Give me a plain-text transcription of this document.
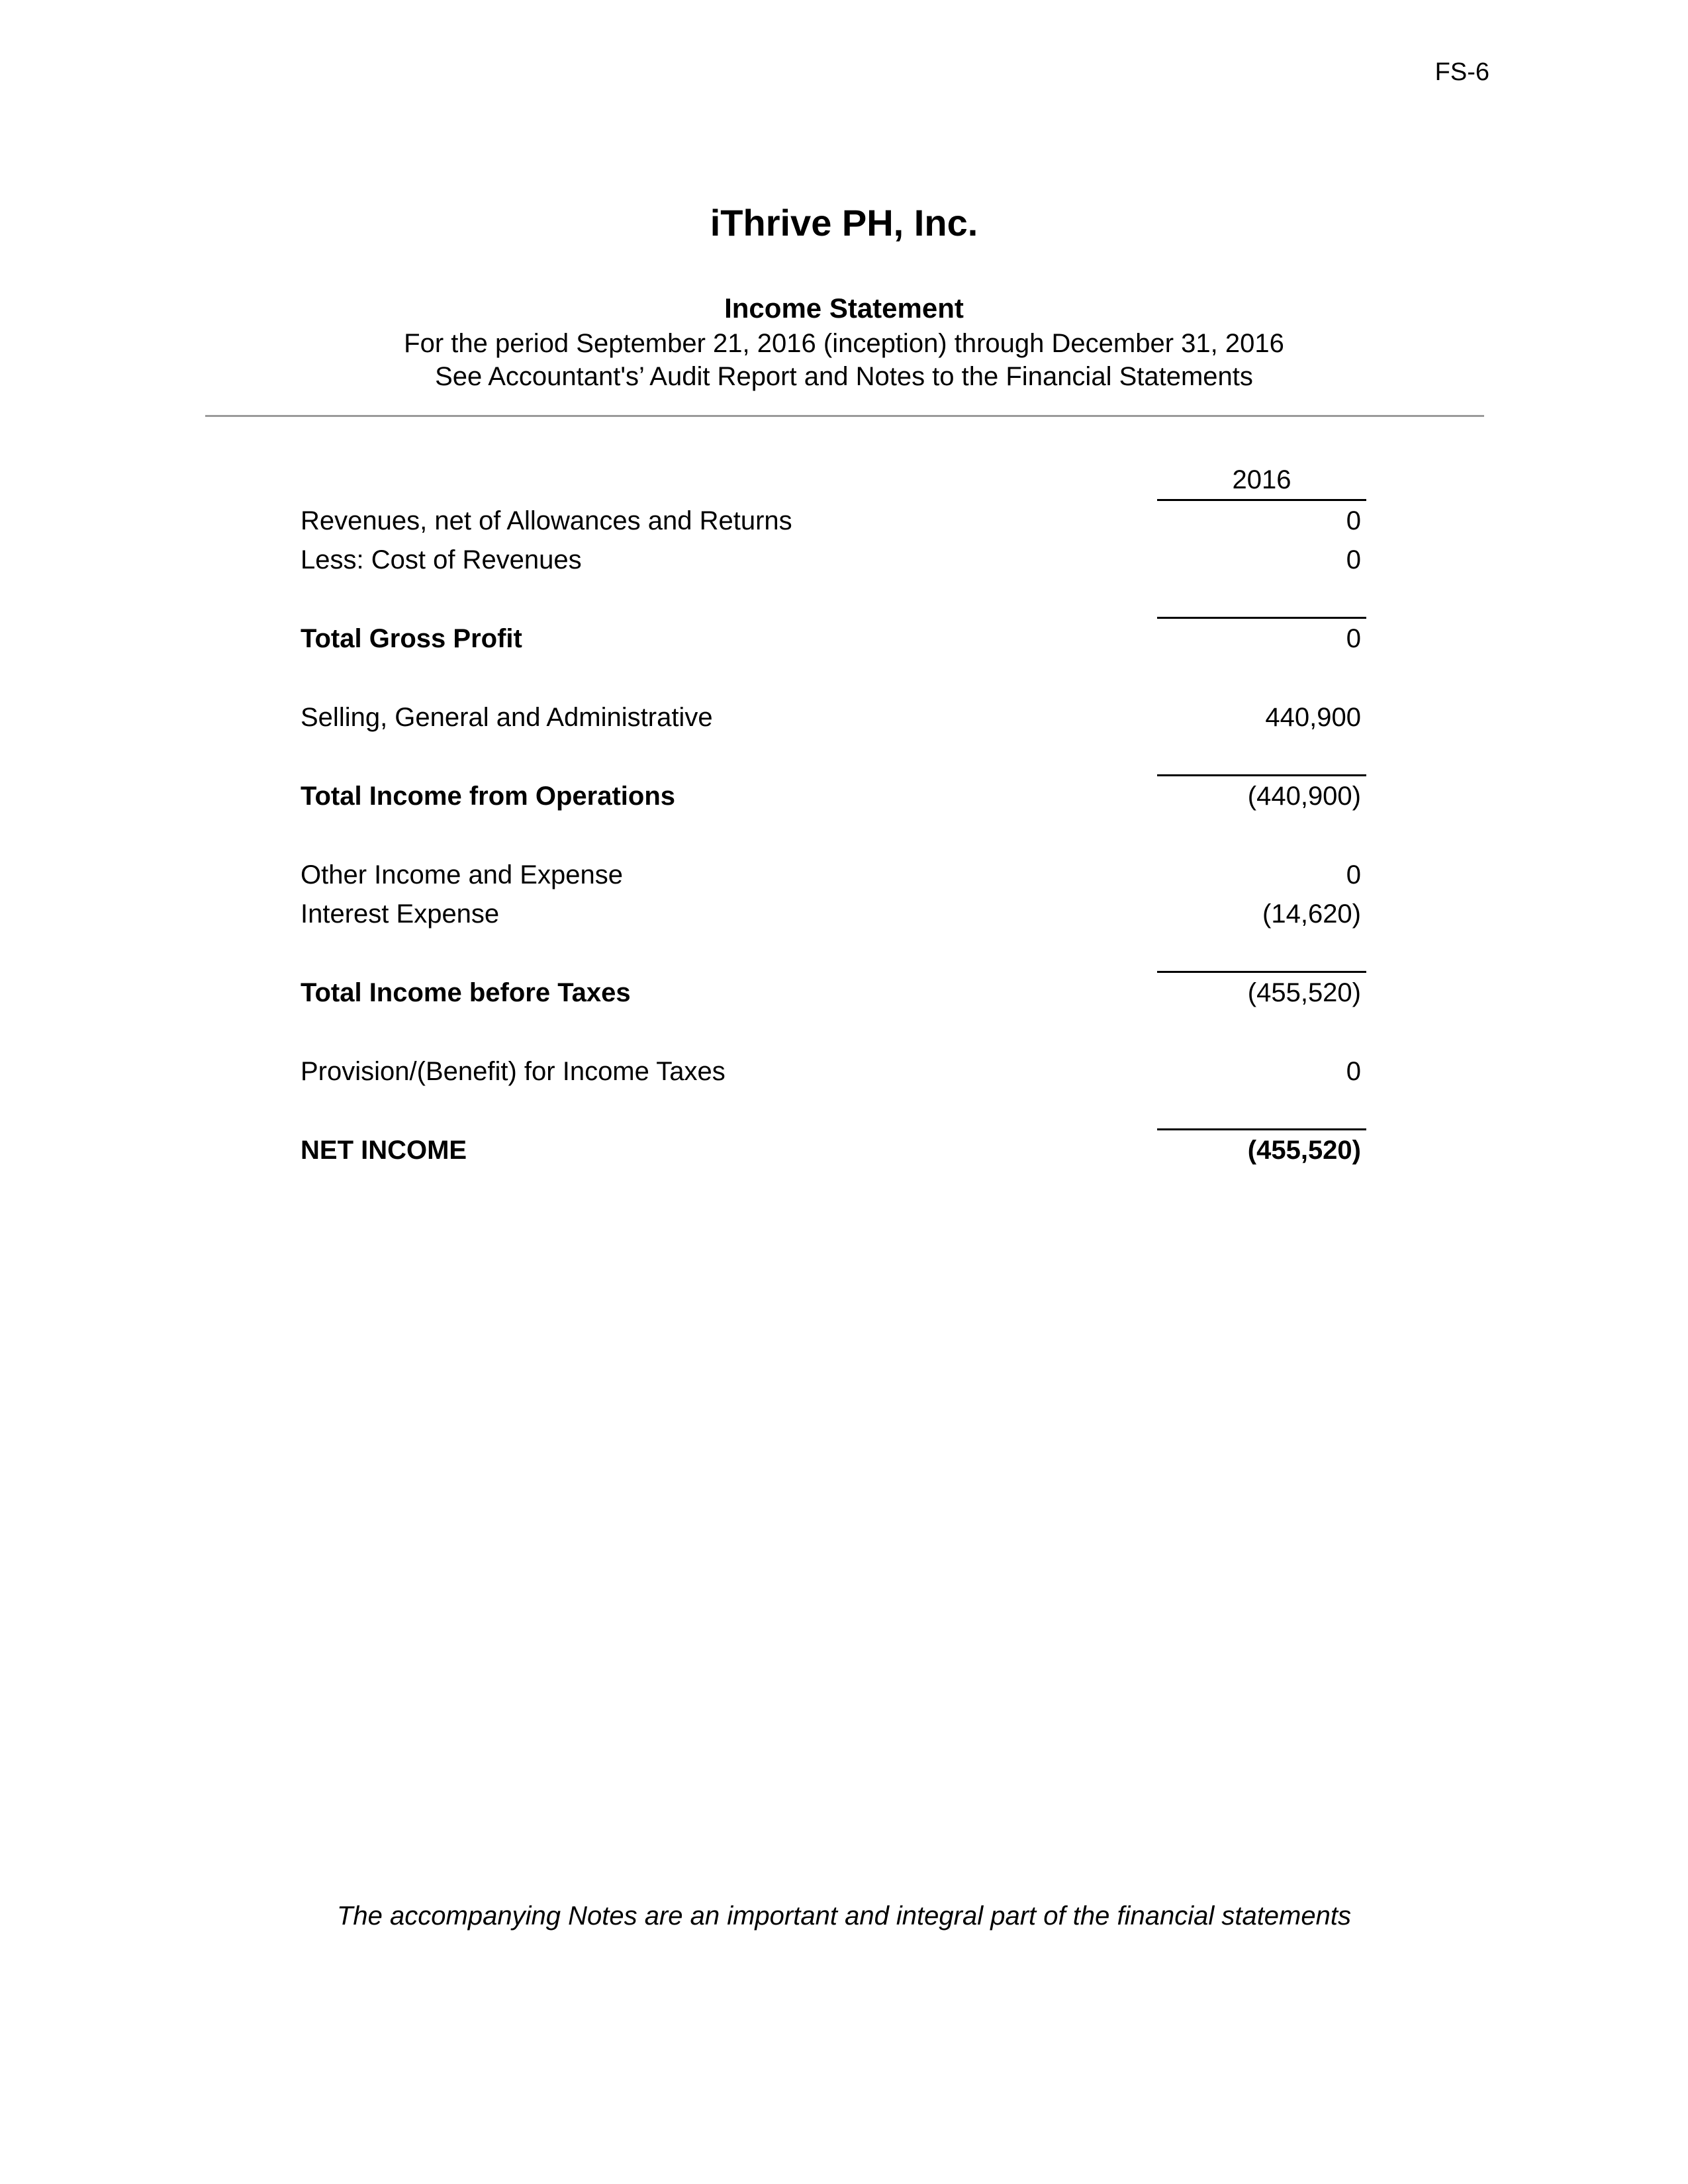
FS-6
iThrive PH, Inc.
Income Statement
For the period September 21, 2016 (inception) through December 31, 2016
See Accountant's’ Audit Report and Notes to the Financial Statements
2016
Revenues, net of Allowances and Returns	0
Less: Cost of Revenues	0
Total Gross Profit	0
Selling, General and Administrative	440,900
Total Income from Operations	(440,900)
Other Income and Expense	0
Interest Expense	(14,620)
Total Income before Taxes	(455,520)
Provision/(Benefit) for Income Taxes	0
NET INCOME	(455,520)
The accompanying Notes are an important and integral part of the financial statements
